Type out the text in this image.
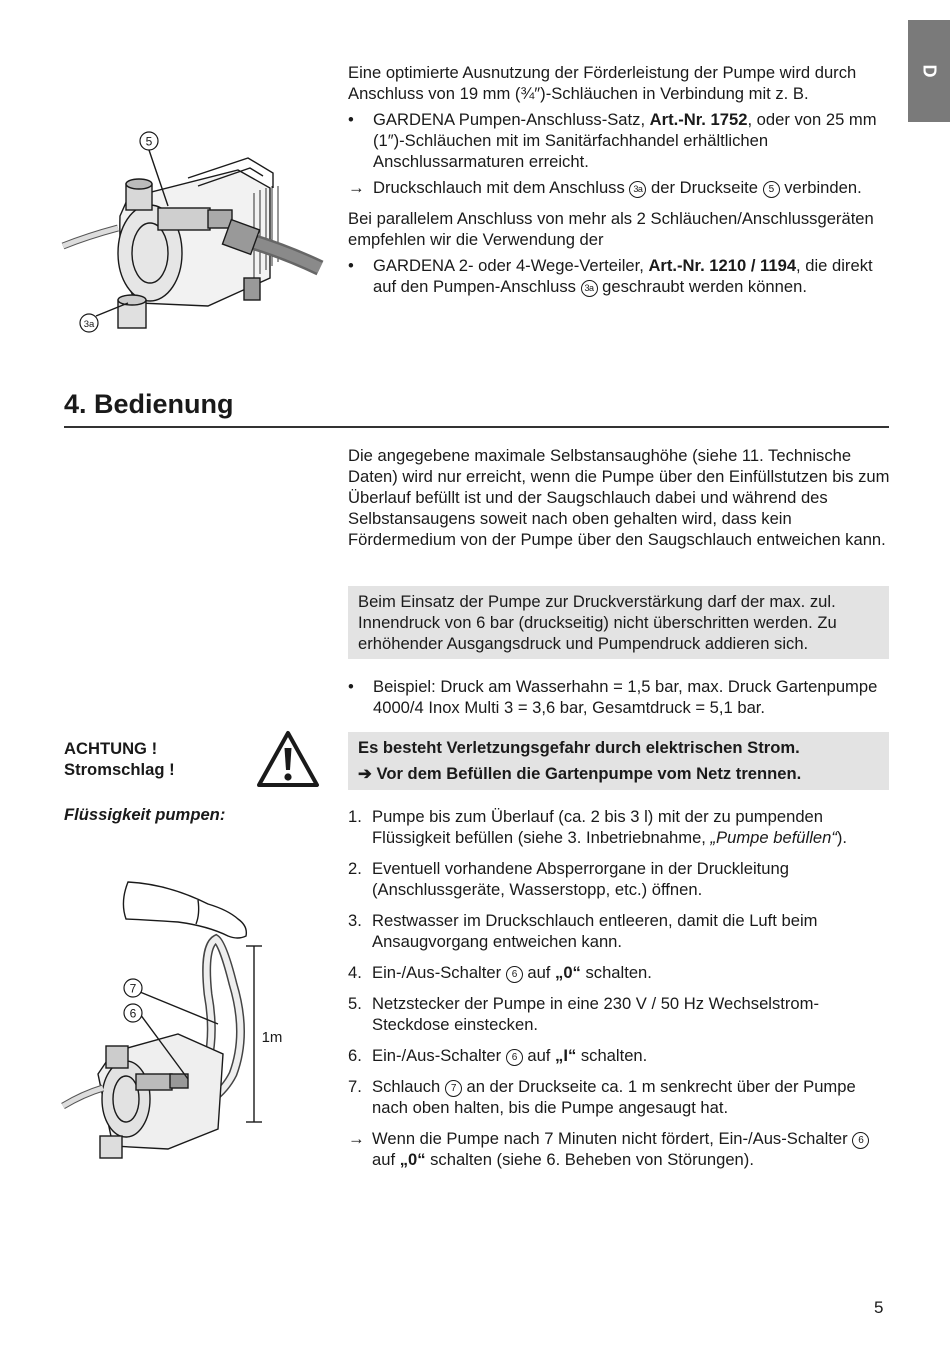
D
5
3a

Eine optimierte Ausnutzung der Förderleistung der Pumpe wird durch Anschluss von 19 mm (¾″)-Schläuchen in Verbindung mit z. B.

• GARDENA Pumpen-Anschluss-Satz, Art.-Nr. 1752, oder von 25 mm (1″)-Schläuchen mit im Sanitärfachhandel erhältlichen Anschlussarmaturen erreicht.

→ Druckschlauch mit dem Anschluss 3a der Druckseite 5 verbinden.

Bei parallelem Anschluss von mehr als 2 Schläuchen/Anschlussgeräten empfehlen wir die Verwendung der

• GARDENA 2- oder 4-Wege-Verteiler, Art.-Nr. 1210 / 1194, die direkt auf den Pumpen-Anschluss 3a geschraubt werden können.

4. Bedienung

Die angegebene maximale Selbstansaughöhe (siehe 11. Technische Daten) wird nur erreicht, wenn die Pumpe über den Einfüllstutzen bis zum Überlauf befüllt ist und der Saugschlauch dabei und während des Selbstansaugens soweit nach oben gehalten wird, dass kein Fördermedium von der Pumpe über den Saugschlauch entweichen kann.

Beim Einsatz der Pumpe zur Druckverstärkung darf der max. zul. Innendruck von 6 bar (druckseitig) nicht überschritten werden. Zu erhöhender Ausgangsdruck und Pumpendruck addieren sich.

• Beispiel: Druck am Wasserhahn = 1,5 bar, max. Druck Gartenpumpe 4000/4 Inox Multi 3 = 3,6 bar, Gesamtdruck = 5,1 bar.

ACHTUNG !
Stromschlag !
Es besteht Verletzungsgefahr durch elektrischen Strom.
➔ Vor dem Befüllen die Gartenpumpe vom Netz trennen.
Flüssigkeit pumpen:
7
6
1m

1. Pumpe bis zum Überlauf (ca. 2 bis 3 l) mit der zu pumpenden Flüssigkeit befüllen (siehe 3. Inbetriebnahme, „Pumpe befüllen“).

2. Eventuell vorhandene Absperrorgane in der Druckleitung (Anschlussgeräte, Wasserstopp, etc.) öffnen.

3. Restwasser im Druckschlauch entleeren, damit die Luft beim Ansaugvorgang entweichen kann.

4. Ein-/Aus-Schalter 6 auf „0“ schalten.

5. Netzstecker der Pumpe in eine 230 V / 50 Hz WechselstromSteckdose einstecken.

6. Ein-/Aus-Schalter 6 auf „I“ schalten.

7. Schlauch 7 an der Druckseite ca. 1 m senkrecht über der Pumpe nach oben halten, bis die Pumpe angesaugt hat.

→ Wenn die Pumpe nach 7 Minuten nicht fördert, Ein-/Aus-Schalter 6 auf „0“ schalten (siehe 6. Beheben von Störungen).

5
